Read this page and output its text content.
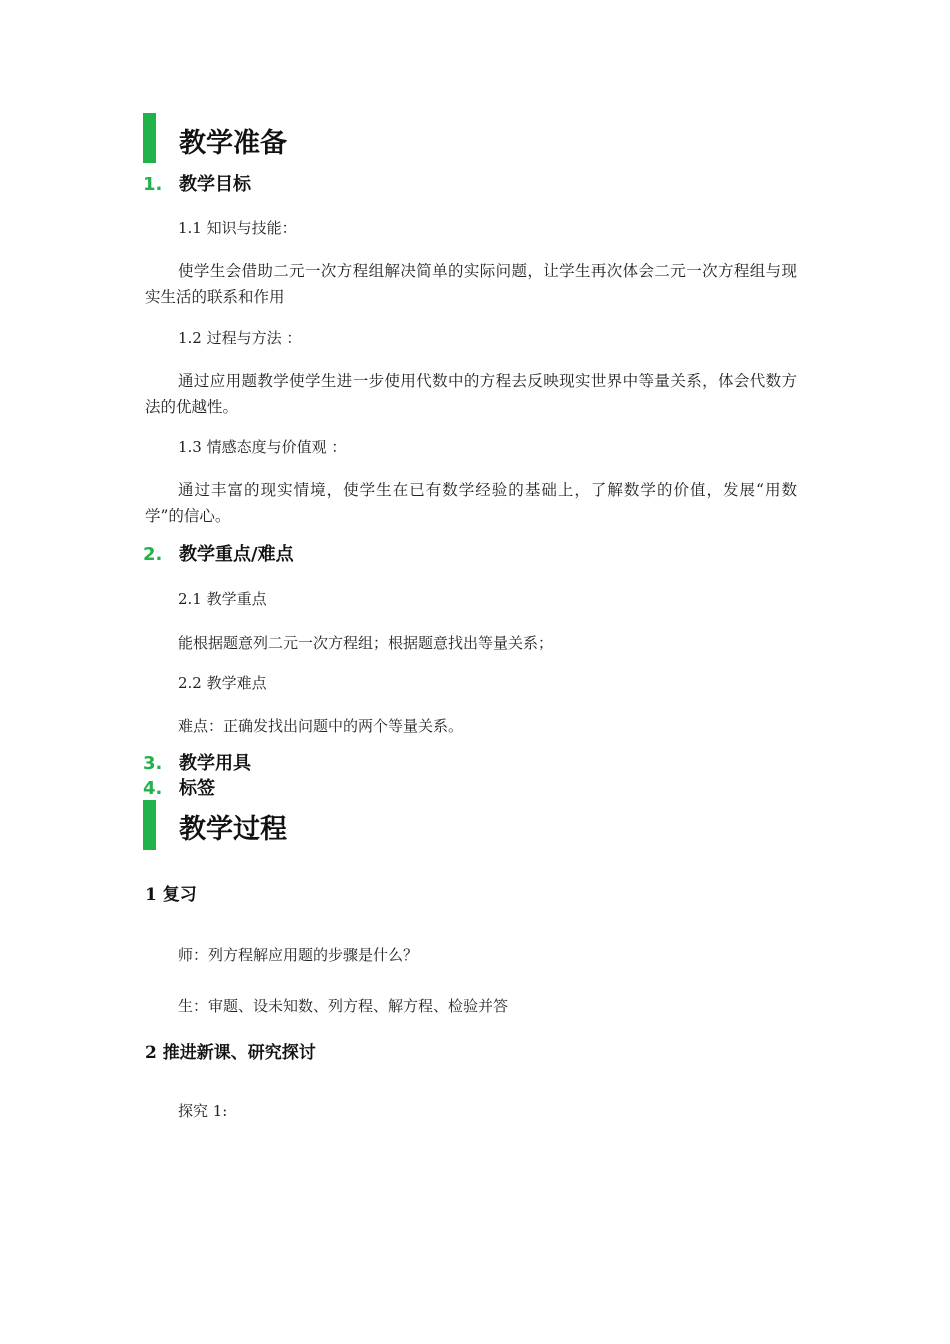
教学准备
1. 教学目标
1.1 知识与技能：
使学生会借助二元一次方程组解决简单的实际问题，让学生再次体会二元一次方程组与现实生活的联系和作用
1.2 过程与方法 ：
通过应用题教学使学生进一步使用代数中的方程去反映现实世界中等量关系，体会代数方法的优越性。
1.3 情感态度与价值观 ：
通过丰富的现实情境，使学生在已有数学经验的基础上，了解数学的价值，发展“用数学”的信心。
2. 教学重点/难点
2.1 教学重点
能根据题意列二元一次方程组；根据题意找出等量关系；
2.2 教学难点
难点：正确发找出问题中的两个等量关系。
3. 教学用具
4. 标签
教学过程
1 复习
师：列方程解应用题的步骤是什么？
生：审题、设未知数、列方程、解方程、检验并答
2 推进新课、研究探讨
探究 1:
